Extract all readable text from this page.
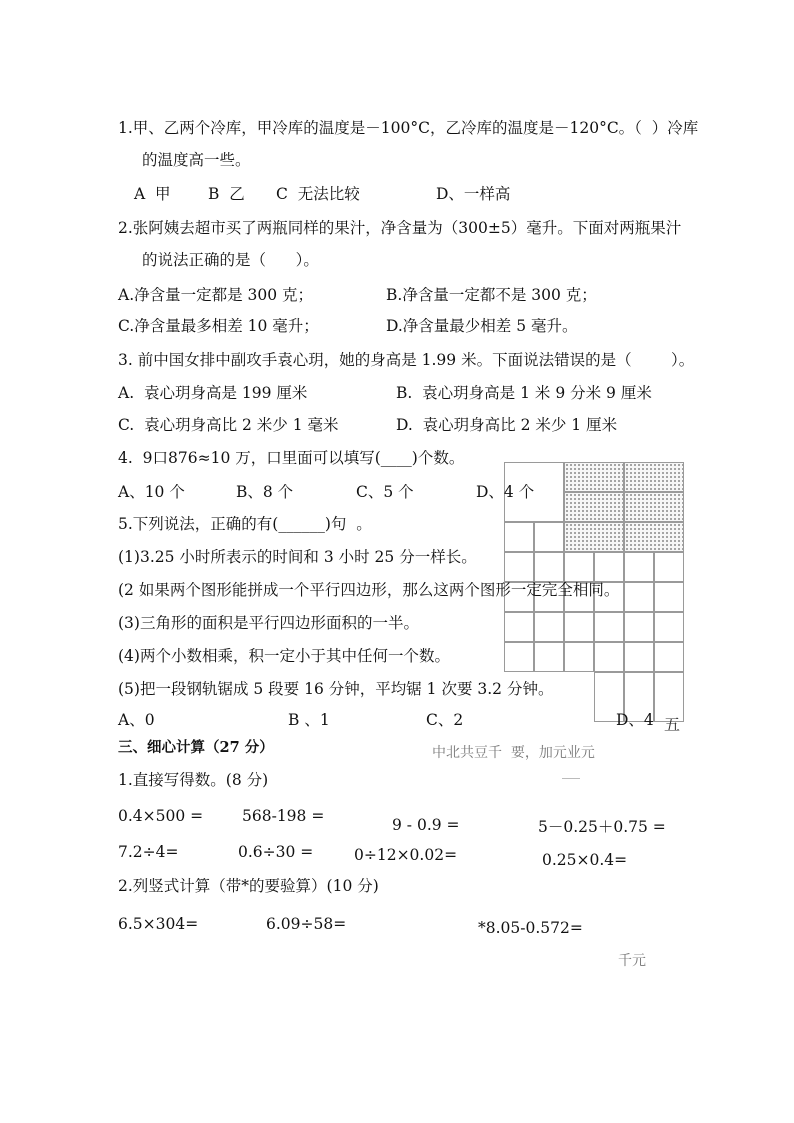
1.甲、乙两个冷库，甲冷库的温度是－100°C，乙冷库的温度是－120°C。（  ）冷库
的温度高一些。
A  甲 B  乙 C  无法比较	D、一样高
2.张阿姨去超市买了两瓶同样的果汁，净含量为（300±5）毫升。下面对两瓶果汁
的说法正确的是（      ）。
A.净含量一定都是 300 克；	B.净含量一定都不是 300 克；
C.净含量最多相差 10 毫升；	D.净含量最少相差 5 毫升。
3. 前中国女排中副攻手袁心玥，她的身高是 1.99 米。下面说法错误的是（        ）。
A.  袁心玥身高是 199 厘米	B.  袁心玥身高是 1 米 9 分米 9 厘米
C.  袁心玥身高比 2 米少 1 毫米	D.  袁心玥身高比 2 米少 1 厘米
4.  9口876≈10 万，口里面可以填写(____)个数。
A、10 个	B、8 个	C、5 个	D、4 个
5.下列说法，正确的有(______)句  。
(1)3.25 小时所表示的时间和 3 小时 25 分一样长。
(2 如果两个图形能拼成一个平行四边形，那么这两个图形一定完全相同。
(3)三角形的面积是平行四边形面积的一半。
(4)两个小数相乘，积一定小于其中任何一个数。
(5)把一段钢轨锯成 5 段要 16 分钟，平均锯 1 次要 3.2 分钟。
A、0	B 、1	C、2	D、4
三、细心计算（27 分）
1.直接写得数。(8 分)
0.4×500 =	568-198 =	9 - 0.9 =	5－0.25＋0.75 =
7.2÷4=	0.6÷30 =	0÷12×0.02=	0.25×0.4=
2.列竖式计算（带*的要验算）(10 分)
6.5×304=	6.09÷58=	*8.05-0.572=
五
中北共豆千  要，加元业元
千元
